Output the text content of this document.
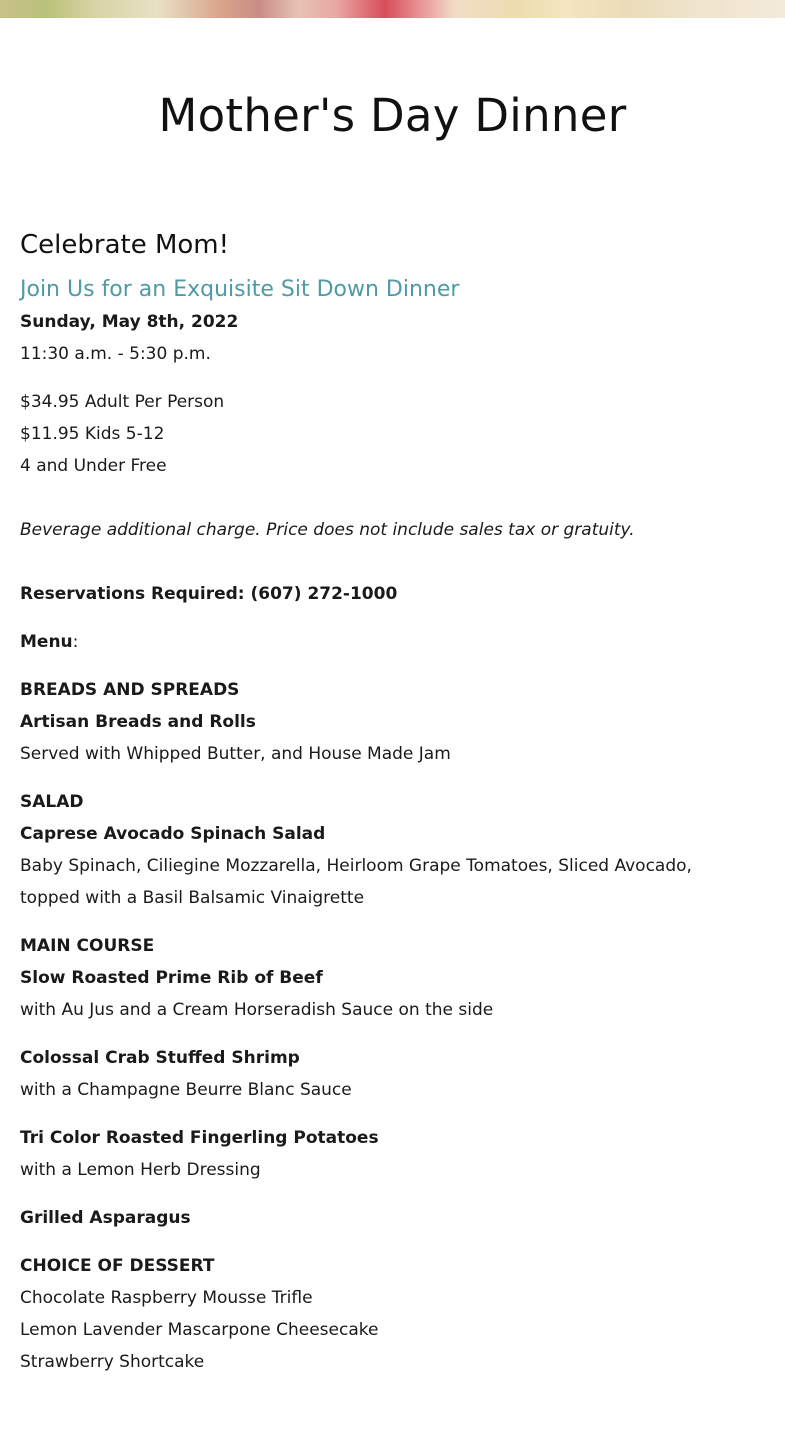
Mother's Day Dinner
Celebrate Mom!
Join Us for an Exquisite Sit Down Dinner

Sunday, May 8th, 2022

11:30 a.m. - 5:30 p.m.

$34.95 Adult Per Person

$11.95 Kids 5-12

4 and Under Free

Beverage additional charge. Price does not include sales tax or gratuity.

Reservations Required: (607) 272-1000

Menu:

BREADS AND SPREADS

Artisan Breads and Rolls

Served with Whipped Butter, and House Made Jam

SALAD

Caprese Avocado Spinach Salad

Baby Spinach, Ciliegine Mozzarella, Heirloom Grape Tomatoes, Sliced Avocado,

topped with a Basil Balsamic Vinaigrette

MAIN COURSE

Slow Roasted Prime Rib of Beef

with Au Jus and a Cream Horseradish Sauce on the side

Colossal Crab Stuffed Shrimp

with a Champagne Beurre Blanc Sauce

Tri Color Roasted Fingerling Potatoes

with a Lemon Herb Dressing

Grilled Asparagus

CHOICE OF DESSERT

Chocolate Raspberry Mousse Trifle

Lemon Lavender Mascarpone Cheesecake

Strawberry Shortcake
